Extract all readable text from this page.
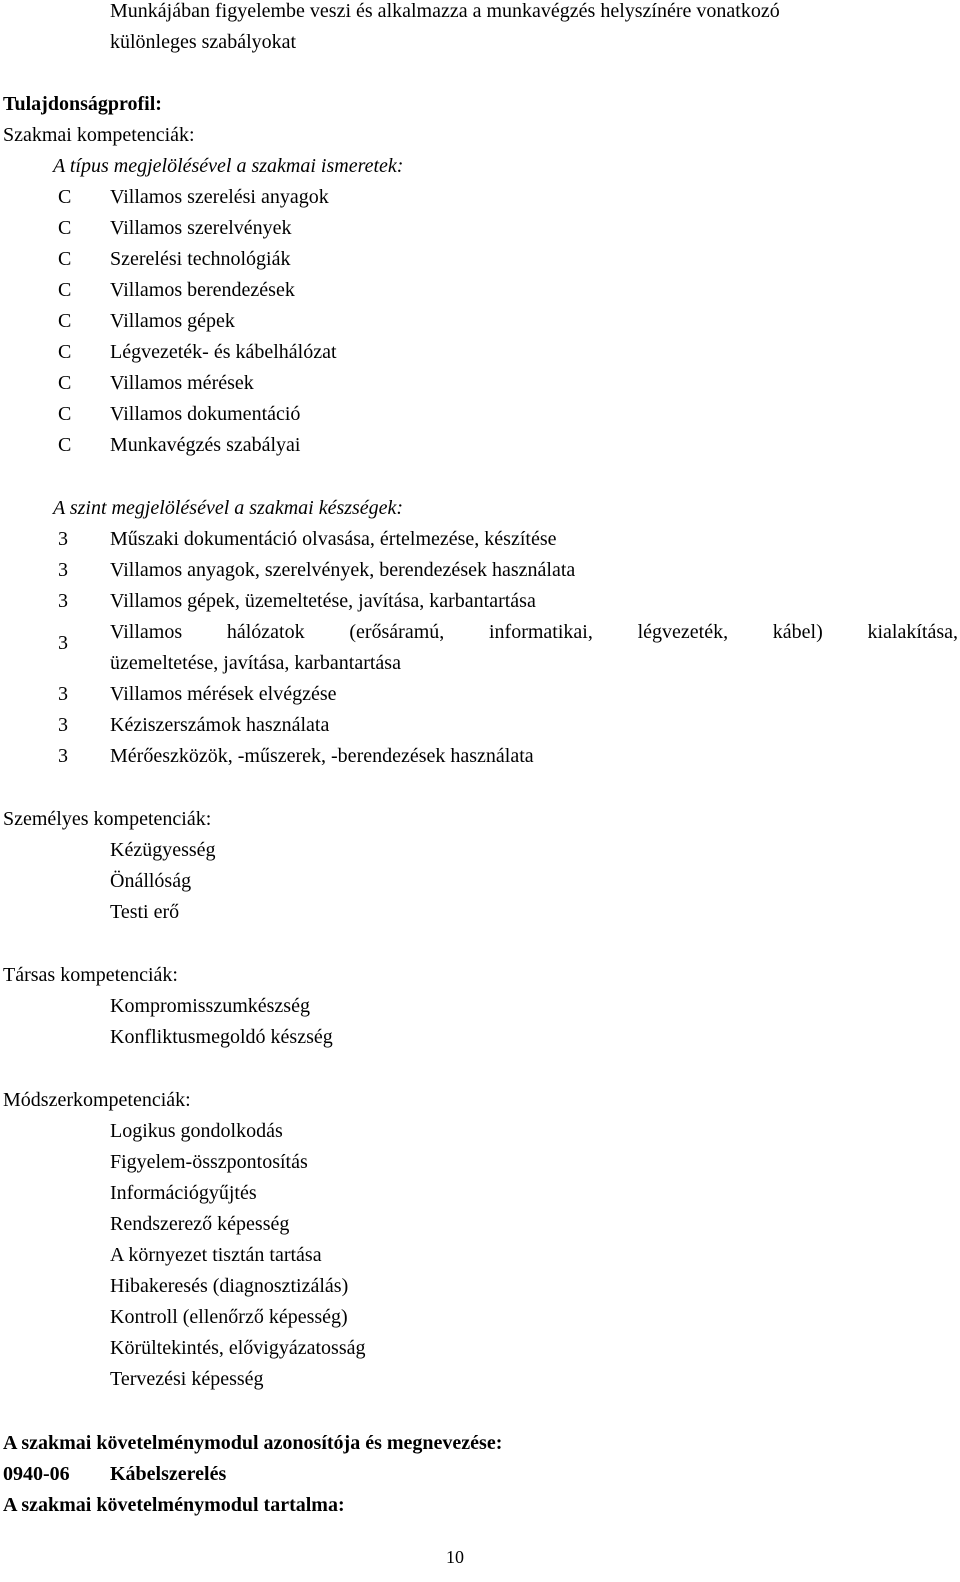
Munkájában figyelembe veszi és alkalmazza a munkavégzés helyszínére vonatkozó
különleges szabályokat
Tulajdonságprofil:
Szakmai kompetenciák:
A típus megjelölésével a szakmai ismeretek:
C Villamos szerelési anyagok
C Villamos szerelvények
C Szerelési technológiák
C Villamos berendezések
C Villamos gépek
C Légvezeték- és kábelhálózat
C Villamos mérések
C Villamos dokumentáció
C Munkavégzés szabályai
A szint megjelölésével a szakmai készségek:
3 Műszaki dokumentáció olvasása, értelmezése, készítése
3 Villamos anyagok, szerelvények, berendezések használata
3 Villamos gépek, üzemeltetése, javítása, karbantartása
3 Villamos hálózatok (erősáramú, informatikai, légvezeték, kábel) kialakítása,
üzemeltetése, javítása, karbantartása
3 Villamos mérések elvégzése
3 Kéziszerszámok használata
3 Mérőeszközök, -műszerek, -berendezések használata
Személyes kompetenciák:
Kézügyesség
Önállóság
Testi erő
Társas kompetenciák:
Kompromisszumkészség
Konfliktusmegoldó készség
Módszerkompetenciák:
Logikus gondolkodás
Figyelem-összpontosítás
Információgyűjtés
Rendszerező képesség
A környezet tisztán tartása
Hibakeresés (diagnosztizálás)
Kontroll (ellenőrző képesség)
Körültekintés, elővigyázatosság
Tervezési képesség
A szakmai követelménymodul azonosítója és megnevezése:
0940-06 Kábelszerelés
A szakmai követelménymodul tartalma:
10
